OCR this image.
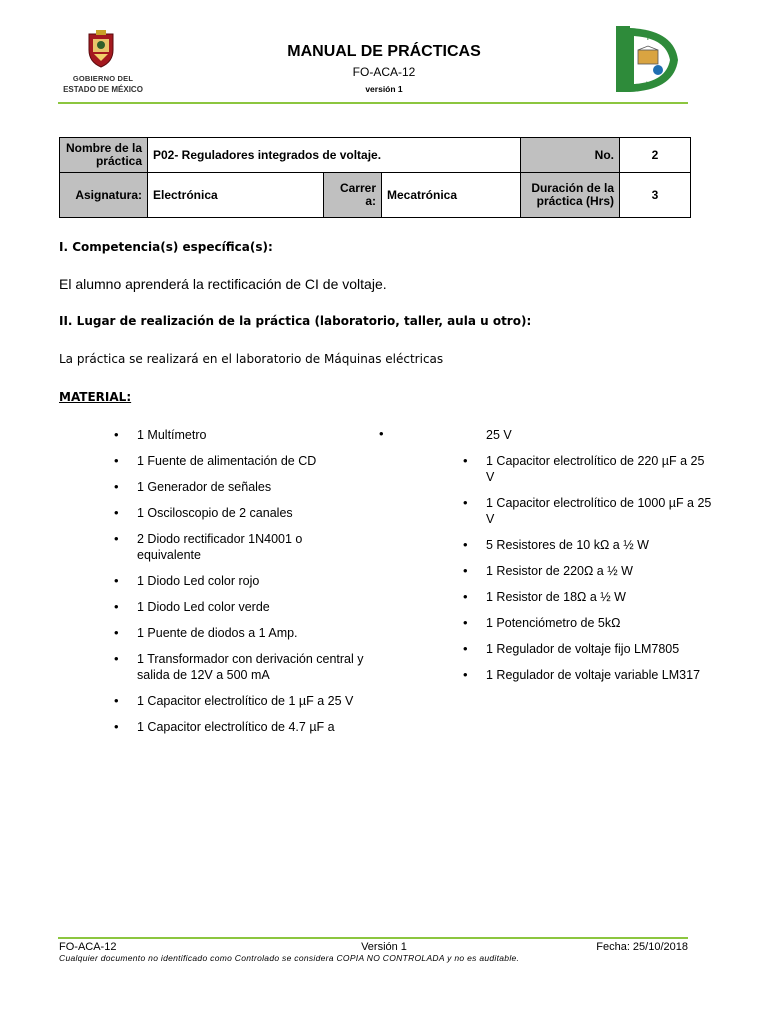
GOBIERNO DEL
ESTADO DE MÉXICO
MANUAL DE PRÁCTICAS
FO-ACA-12
versión 1
T
E
S
J
I
Nombre de la práctica	P02- Reguladores integrados de voltaje.			No.	2
Asignatura:	Electrónica	Carrer a:	Mecatrónica	Duración de la práctica (Hrs)	3
I. Competencia(s) específica(s):
El alumno aprenderá la rectificación de CI de voltaje.
II. Lugar de realización de la práctica (laboratorio, taller, aula u otro):
La práctica se realizará en el laboratorio de Máquinas eléctricas
MATERIAL:
• 1 Multímetro
• 1 Fuente de alimentación de CD
• 1 Generador de señales
• 1 Osciloscopio de 2 canales
• 2 Diodo rectificador 1N4001 o equivalente
• 1 Diodo Led color rojo
• 1 Diodo Led color verde
• 1 Puente de diodos a 1 Amp.
• 1 Transformador con derivación central y salida de 12V a 500 mA
• 1 Capacitor electrolítico de 1 µF a 25 V
• 1 Capacitor electrolítico de 4.7 µF a
•	25 V
• 1 Capacitor electrolítico de 220 µF a 25 V
• 1 Capacitor electrolítico de 1000 µF a 25 V
• 5 Resistores de 10 kΩ a ½ W
• 1 Resistor de 220Ω a ½ W
• 1 Resistor de 18Ω a ½ W
• 1 Potenciómetro de 5kΩ
• 1 Regulador de voltaje fijo LM7805
• 1 Regulador de voltaje variable LM317
FO-ACA-12	Versión 1	Fecha: 25/10/2018
Cualquier documento no identificado como Controlado se considera COPIA NO CONTROLADA y no es auditable.
